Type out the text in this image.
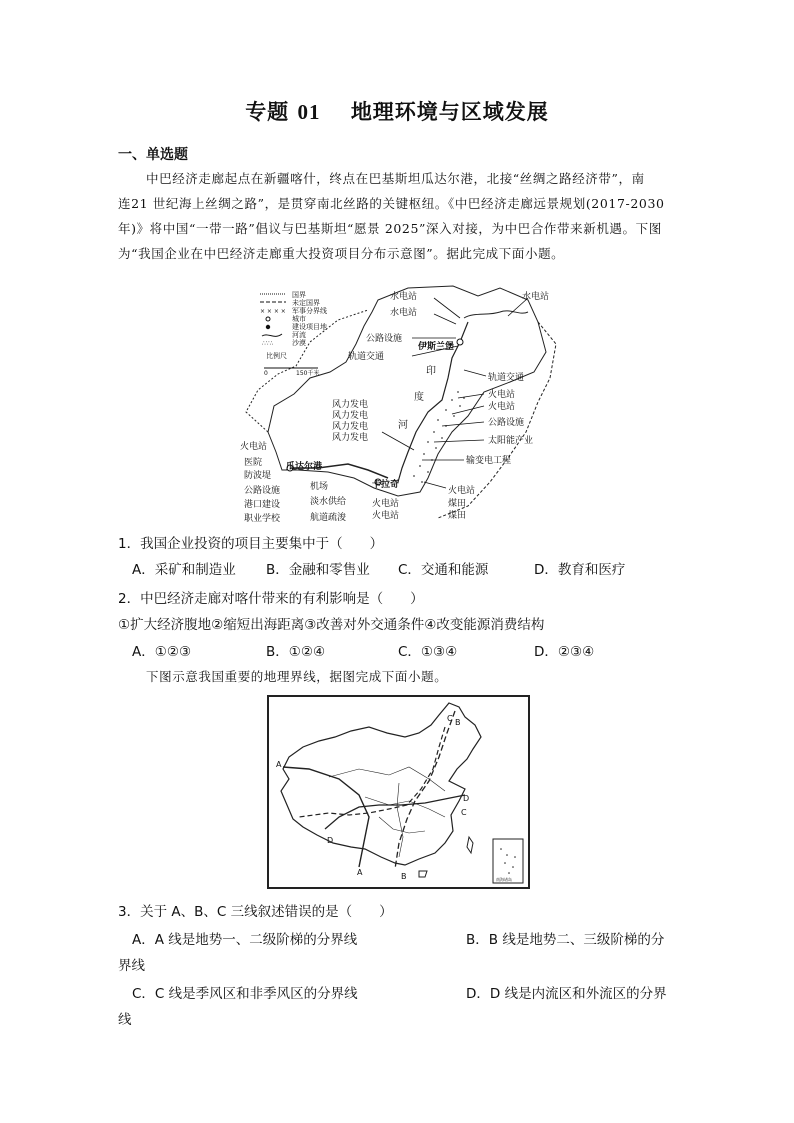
专题 01 地理环境与区域发展
一、单选题
中巴经济走廊起点在新疆喀什，终点在巴基斯坦瓜达尔港，北接“丝绸之路经济带”，南
连21 世纪海上丝绸之路”，是贯穿南北丝路的关键枢纽。《中巴经济走廊远景规划(2017-2030
年)》将中国“一带一路”倡议与巴基斯坦“愿景 2025”深入对接，为中巴合作带来新机遇。下图
为“我国企业在中巴经济走廊重大投资项目分布示意图”。据此完成下面小题。
国界
未定国界
× × × × 军事分界线
城市
建设项目地
河流
∴∵∴	沙漠
比例尺
0	150千米
水电站
水电站
水电站
公路设施
伊斯兰堡
轨道交通
印
度
河
轨道交通
火电站
火电站
公路设施
太阳能产业
输变电工程
风力发电
风力发电
风力发电
风力发电
火电站
医院
防波堤
公路设施
港口建设
职业学校
瓜达尔港
机场
淡水供给
航道疏浚
卡拉奇
火电站
火电站
火电站
煤田
煤田
1．我国企业投资的项目主要集中于（　　）
A．采矿和制造业 B．金融和零售业 C．交通和能源	D．教育和医疗
2．中巴经济走廊对喀什带来的有利影响是（　　）
①扩大经济腹地②缩短出海距离③改善对外交通条件④改变能源消费结构
A．①②③	B．①②④	C．①③④	D．②③④
下图示意我国重要的地理界线，据图完成下面小题。
南海诸岛
A
B
C
D
A	B
C
D
3．关于 A、B、C 三线叙述错误的是（　　）
A．A 线是地势一、二级阶梯的分界线	B．B 线是地势二、三级阶梯的分
界线
C．C 线是季风区和非季风区的分界线	D．D 线是内流区和外流区的分界
线
